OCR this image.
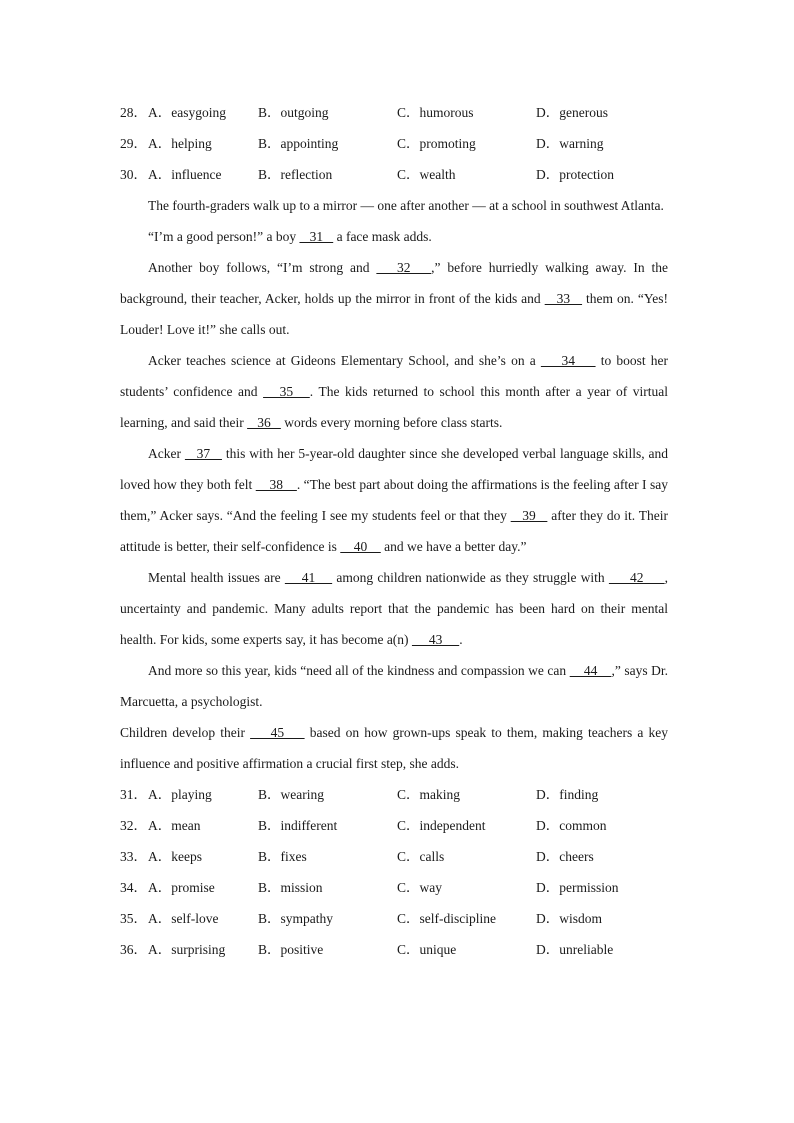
28． A．easygoing B．outgoing	C．humorous	D．generous
29． A．helping	B．appointing	C．promoting	D．warning
30． A．influence	B．reflection	C．wealth	D．protection

The fourth-graders walk up to a mirror — one after another — at a school in southwest Atlanta.

“I’m a good person!” a boy    31    a face mask adds.

Another boy follows, “I’m strong and    32   ,” before hurriedly walking away. In the background, their teacher, Acker, holds up the mirror in front of the kids and    33    them on. “Yes! Louder! Love it!” she calls out.

Acker teaches science at Gideons Elementary School, and she’s on a     34     to boost her students’ confidence and    35   . The kids returned to school this month after a year of virtual learning, and said their    36    words every morning before class starts.

Acker    37    this with her 5-year-old daughter since she developed verbal language skills, and loved how they both felt     38    . “The best part about doing the affirmations is the feeling after I say them,” Acker says. “And the feeling I see my students feel or that they    39    after they do it. Their attitude is better, their self-confidence is     40     and we have a better day.”

Mental health issues are     41     among children nationwide as they struggle with      42     , uncertainty and pandemic. Many adults report that the pandemic has been hard on their mental health. For kids, some experts say, it has become a(n)      43     .

And more so this year, kids “need all of the kindness and compassion we can     44    ,” says Dr. Marcuetta, a psychologist.

Children develop their     45     based on how grown-ups speak to them, making teachers a key influence and positive affirmation a crucial first step, she adds.

31． A．playing	B．wearing	C．making	D．finding
32． A．mean	B．indifferent	C．independent	D．common
33． A．keeps	B．fixes	C．calls	D．cheers
34． A．promise	B．mission	C．way	D．permission
35． A．self-love	B．sympathy	C．self-discipline	D．wisdom
36． A．surprising B．positive	C．unique	D．unreliable
